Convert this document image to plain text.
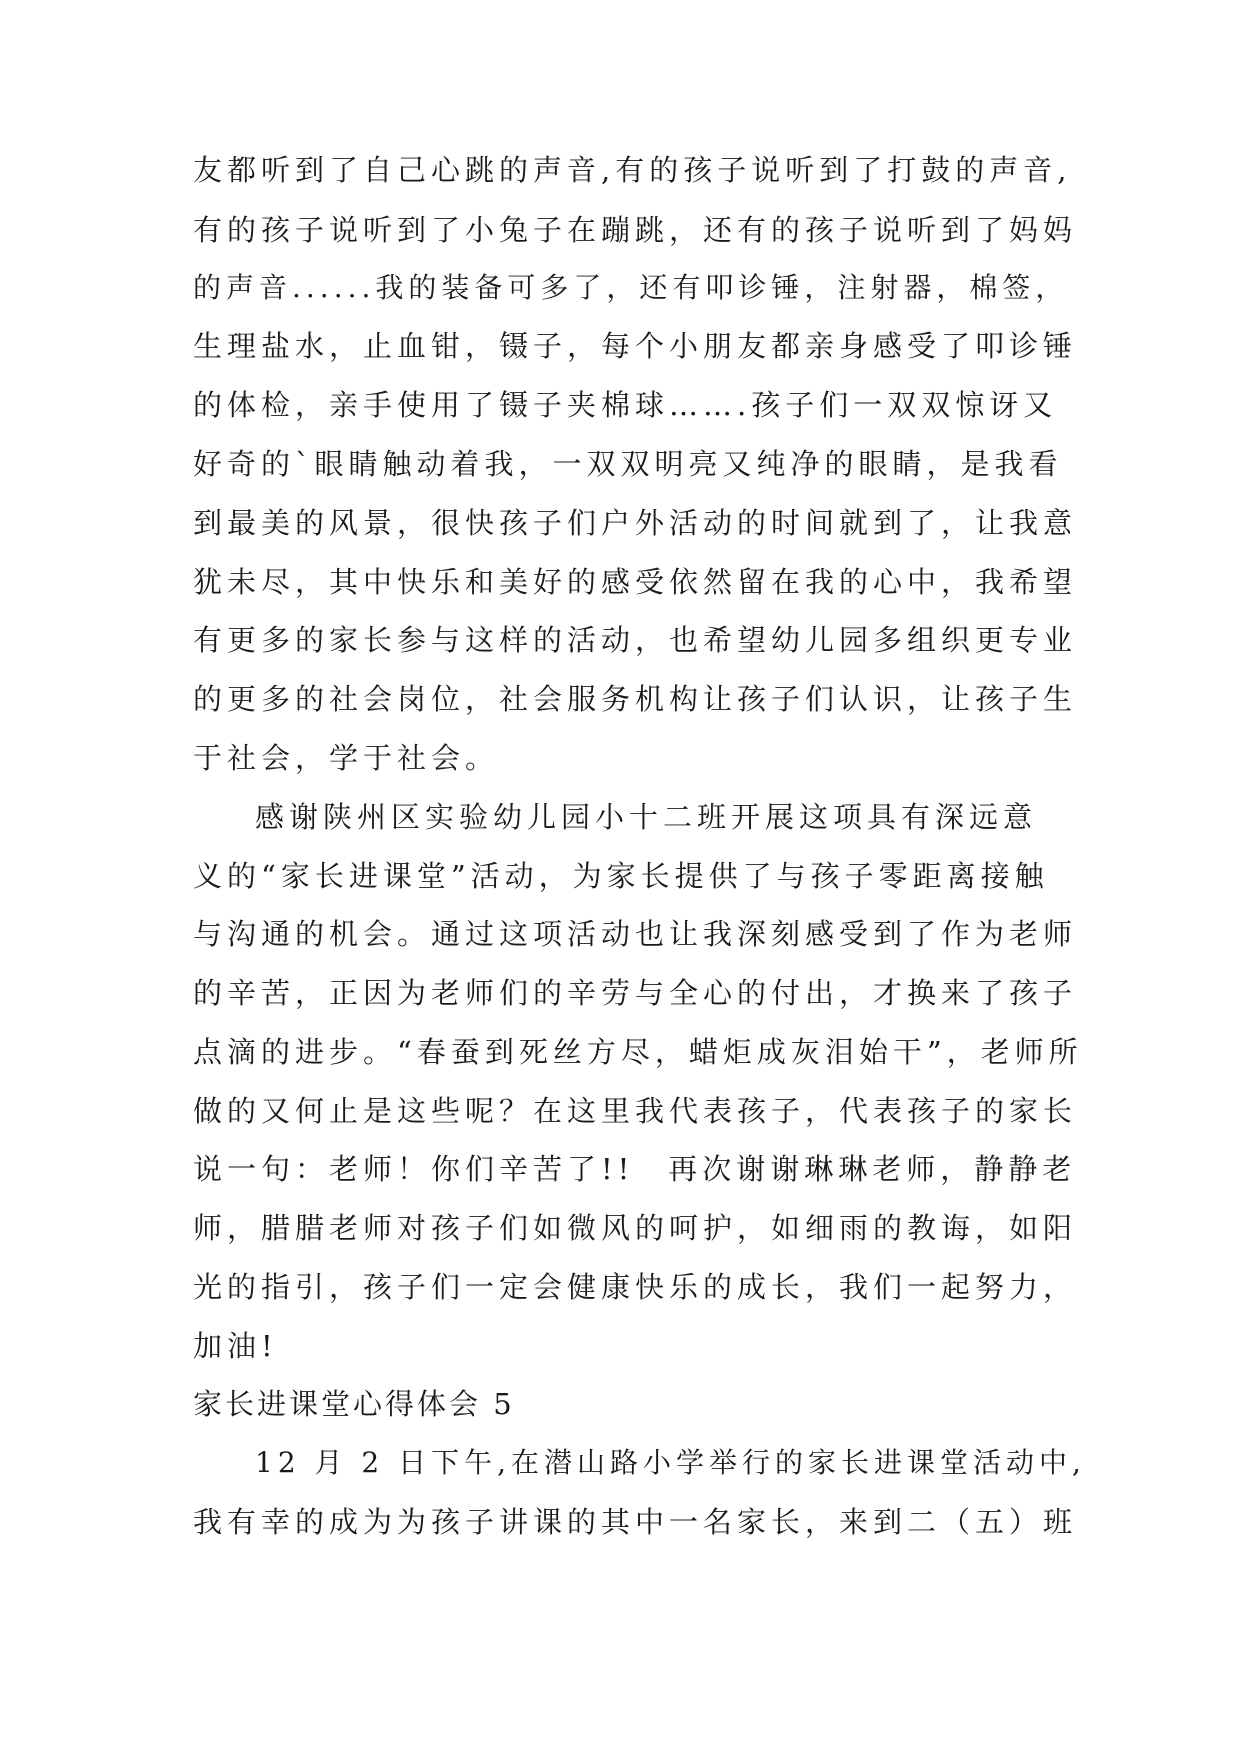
友都听到了自己心跳的声音,有的孩子说听到了打鼓的声音,
有的孩子说听到了小兔子在蹦跳，还有的孩子说听到了妈妈
的声音......我的装备可多了，还有叩诊锤，注射器，棉签，
生理盐水，止血钳，镊子，每个小朋友都亲身感受了叩诊锤
的体检，亲手使用了镊子夹棉球…….孩子们一双双惊讶又
好奇的`眼睛触动着我，一双双明亮又纯净的眼睛，是我看
到最美的风景，很快孩子们户外活动的时间就到了，让我意
犹未尽，其中快乐和美好的感受依然留在我的心中，我希望
有更多的家长参与这样的活动，也希望幼儿园多组织更专业
的更多的社会岗位，社会服务机构让孩子们认识，让孩子生
于社会，学于社会。
感谢陕州区实验幼儿园小十二班开展这项具有深远意
义的“家长进课堂”活动，为家长提供了与孩子零距离接触
与沟通的机会。通过这项活动也让我深刻感受到了作为老师
的辛苦，正因为老师们的辛劳与全心的付出，才换来了孩子
点滴的进步。“春蚕到死丝方尽，蜡炬成灰泪始干”，老师所
做的又何止是这些呢？在这里我代表孩子，代表孩子的家长
说一句：老师！你们辛苦了!!　再次谢谢琳琳老师，静静老
师，腊腊老师对孩子们如微风的呵护，如细雨的教诲，如阳
光的指引，孩子们一定会健康快乐的成长，我们一起努力，
加油!
家长进课堂心得体会 5
12 月 2 日下午,在潜山路小学举行的家长进课堂活动中,
我有幸的成为为孩子讲课的其中一名家长，来到二（五）班
